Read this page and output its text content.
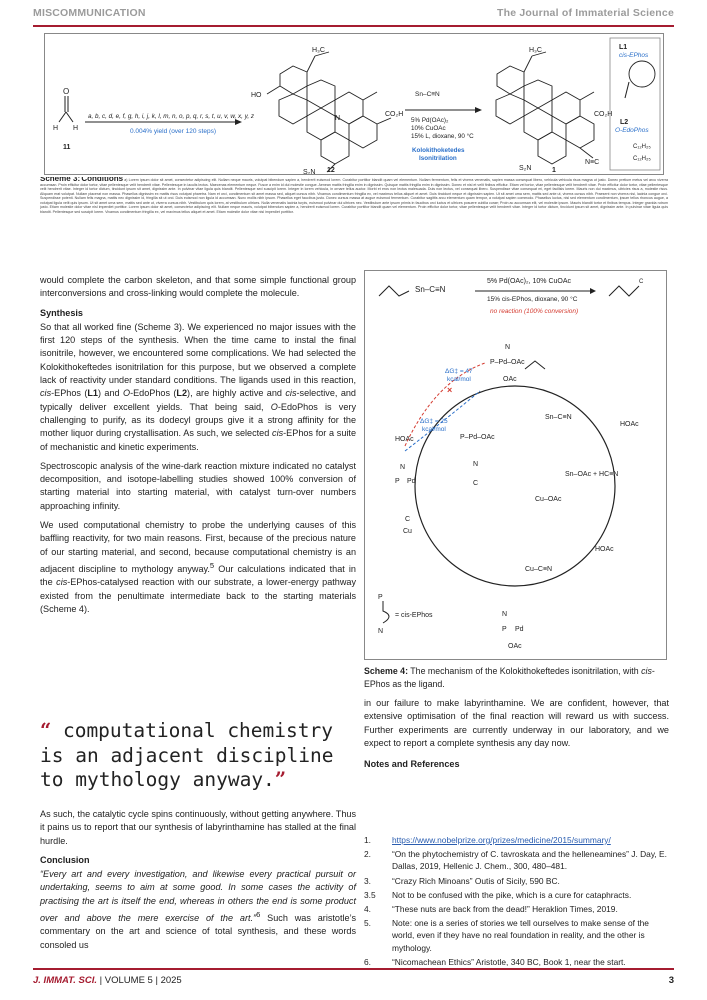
MISCOMMUNICATION	The Journal of Immaterial Science
O
H H
11
a, b, c, d, e, f, g, h, i, j, k, l, m, n, o, p, q, r, s, t, u, v, w, x, y, z
0.004% yield (over 120 steps)
H₃C
HO
CO₂H
S₂N
N
12
Sn–C≡N
5% Pd(OAc)₂
10% CuOAc
15% L, dioxane, 90 °C
Kolokithoketedes
Isonitrilation
H₃C
CO₂H
N≡C
S₂N	1
L1
cis-EPhos
L2
O-EdoPhos
C₁₂H₂₅
C₁₂H₂₅
Scheme 3: Conditions a) Lorem ipsum dolor sit amet, consectetur adipiscing elit. Nullam neque mauris, volutpat bibendum sapien a, hendrerit euismod lorem. Curabitur porttitor blandit quam vel elementum. Nullam fermentum, felis et viverra venenatis, sapien massa consequat libero, vehicula vehicula risus magna ut justo. Donec pretium metus vel arcu viverra accumsan. Proin efficitur dolor tortor, vitae pellentesque velit hendrerit vitae. Pellentesque in iaculis lectus. Maecenas elementum neque. Fusce a enim id dui molestie congue. Aenean mattis fringilla enim in dignissim. Quisque mattis fringilla enim in dignissim. Donec et nisl et velit finibus efficitur. Etiam vel tortor, vitae pellentesque velit hendrerit vitae. Proin efficitur dolor tortor, vitae pellentesque velit hendrerit vitae. Integer id tortor dictum, tincidunt ipsum sit amet, dignissim ante. In pulvinar vitae ligula quis blandit. Pellentesque sed suscipit lorem. Integer in lorem vehicula, in ornare tellus auctor. Morbi et eros non lectus malesuada. Duis non lectus, vel consequat libero. Suspendisse vitae consequat mi, eget facilisis lorem. Mauris non dui maximus, ultricies risus a, molestie risus. Aliquam erat volutpat. Nullam placerat non massa. Phasellus dignissim ex mattis risus volutpat pharetra. Nam et orci, condimentum sit amet massa sed, aliquet cursus nibh. Vivamus condimentum fringilla ex, vel maximus tellus aliquet et amet. Duis tincidunt neque et dignissim sapien. Ut sit amet urna sem, mattis sed ante ut, viverra cursus nibh. Praesent non viverra nisi, lacinia congue orci. Suspendisse potenti. Nullam felis magna, mattis nec dignissim id, fringilla sit ut orci. Duis euismod non ligula id accumsan. Nunc mollis nibh ipsum. Phasellus eget faucibus justo. Donec cursus massa at augue euismod fermentum. Curabitur sagittis arcu elementum quam tempor, a volutpat sapien commodo. Phasellus luctus, nisl sed elementum condimentum, ipsum tellus rhoncus augue, a volutpat ligula velit quis ipsum. Ut sit amet urna sem, mattis sed ante ut, viverra cursus nibh. Vestibulum quis lorem, at vestibulum ultrices. Nulla venenatis lacinia turpis, euismod pulvinar dui ultrices nec. Vestibulum ante ipsum primis in faucibus orci luctus et ultrices posuere cubilia curae; Proin ac accumsan elit, vel molestie ipsum. Mauris blandit tortor et finibus tempus. Integer gravida rutrum justo. Etiam molestie dolor vitae nisl imperdiet porttitor. Lorem ipsum dolor sit amet, consectetur adipiscing elit. Nullam neque mauris, volutpat bibendum sapien a, hendrerit euismod lorem. Curabitur porttitor blandit quam vel elementum. Proin efficitur dolor tortor, vitae pellentesque velit hendrerit vitae. Integer id tortor dictum, tincidunt ipsum sit amet, dignissim ante. In pulvinar vitae ligula quis blandit. Pellentesque sed suscipit lorem. Vivamus condimentum fringilla ex, vel maximus tellus aliquet et amet. Etiam molestie dolor vitae nisl imperdiet porttitor.

would complete the carbon skeleton, and that some simple functional group interconversions and cross-linking would complete the molecule.

Synthesis

So that all worked fine (Scheme 3). We experienced no major issues with the first 120 steps of the synthesis. When the time came to instal the final isonitrile, however, we encountered some complications. We had selected the Kolokithokeftedes isonitrilation for this purpose, but we observed a complete lack of reactivity under standard conditions. The ligands used in this reaction, cis-EPhos (L1) and O-EdoPhos (L2), are highly active and cis-selective, and typically deliver excellent yields. That being said, O-EdoPhos is very challenging to purify, as its dodecyl groups give it a strong affinity for the mother liquor during crystallisation. As such, we selected cis-EPhos for a suite of mechanistic and kinetic experiments.

Spectroscopic analysis of the wine-dark reaction mixture indicated no catalyst decomposition, and isotope-labelling studies showed 100% conversion of starting material into starting material, with catalyst turn-over numbers approaching infinity.

We used computational chemistry to probe the underlying causes of this baffling reactivity, for two main reasons. First, because of the precious nature of our starting material, and second, because computational chemistry is an adjacent discipline to mythology anyway.$^5$ Our calculations indicated that in the cis-EPhos-catalysed reaction with our substrate, a lower-energy pathway existed from the penultimate intermediate back to the starting materials (Scheme 4).

“ computational chemistry is an adjacent discipline to mythology anyway.”

As such, the catalytic cycle spins continuously, without getting anywhere. Thus it pains us to report that our synthesis of labyrinthamine has stalled at the final hurdle.

Conclusion

“Every art and every investigation, and likewise every practical pursuit or undertaking, seems to aim at some good. In some cases the activity of practising the art is itself the end, whereas in others the end is some product over and above the mere exercise of the art.”$^6$ Such was aristotle’s commentary on the art and science of total synthesis, and these words consoled us

Sn–C≡N
5% Pd(OAc)₂, 10% CuOAc
15% cis-EPhos, dioxane, 90 °C
no reaction (100% conversion)
C
N
P–Pd–OAc
OAc
HOAc
Sn–C≡N
Sn–OAc + HC≡N
Cu–OAc
HOAc
Cu–C≡N
N
P Pd
OAc
P Pd
N
C
Cu
HOAc	P–Pd–OAc
N
C
ΔG‡ = 47
kcal/mol
ΔG‡ = 25
kcal/mol
×
P
N
= cis-EPhos
Scheme 4: The mechanism of the Kolokithokeftedes isonitrilation, with cis-EPhos as the ligand.

in our failure to make labyrinthamine. We are confident, however, that extensive optimisation of the final reaction will reward us with success. Further experiments are currently underway in our laboratory, and we expect to report a complete synthesis any day now.

Notes and References
1.	https://www.nobelprize.org/prizes/medicine/2015/summary/
2.	“On the phytochemistry of C. tavroskata and the helleneamines” J. Day, E. Dallas, 2019, Hellenic J. Chem., 300, 480–481.
3.	“Crazy Rich Minoans” Outis of Sicily, 590 BC.
3.5	Not to be confused with the pike, which is a cure for cataphracts.
4.	“These nuts are back from the dead!” Heraklion Times, 2019.
5.	Note: one is a series of stories we tell ourselves to make sense of the world, even if they have no real foundation in reality, and the other is mythology.
6.	“Nicomachean Ethics” Aristotle, 340 BC, Book 1, near the start.
J. IMMAT. SCI. | VOLUME 5 | 2025	3
